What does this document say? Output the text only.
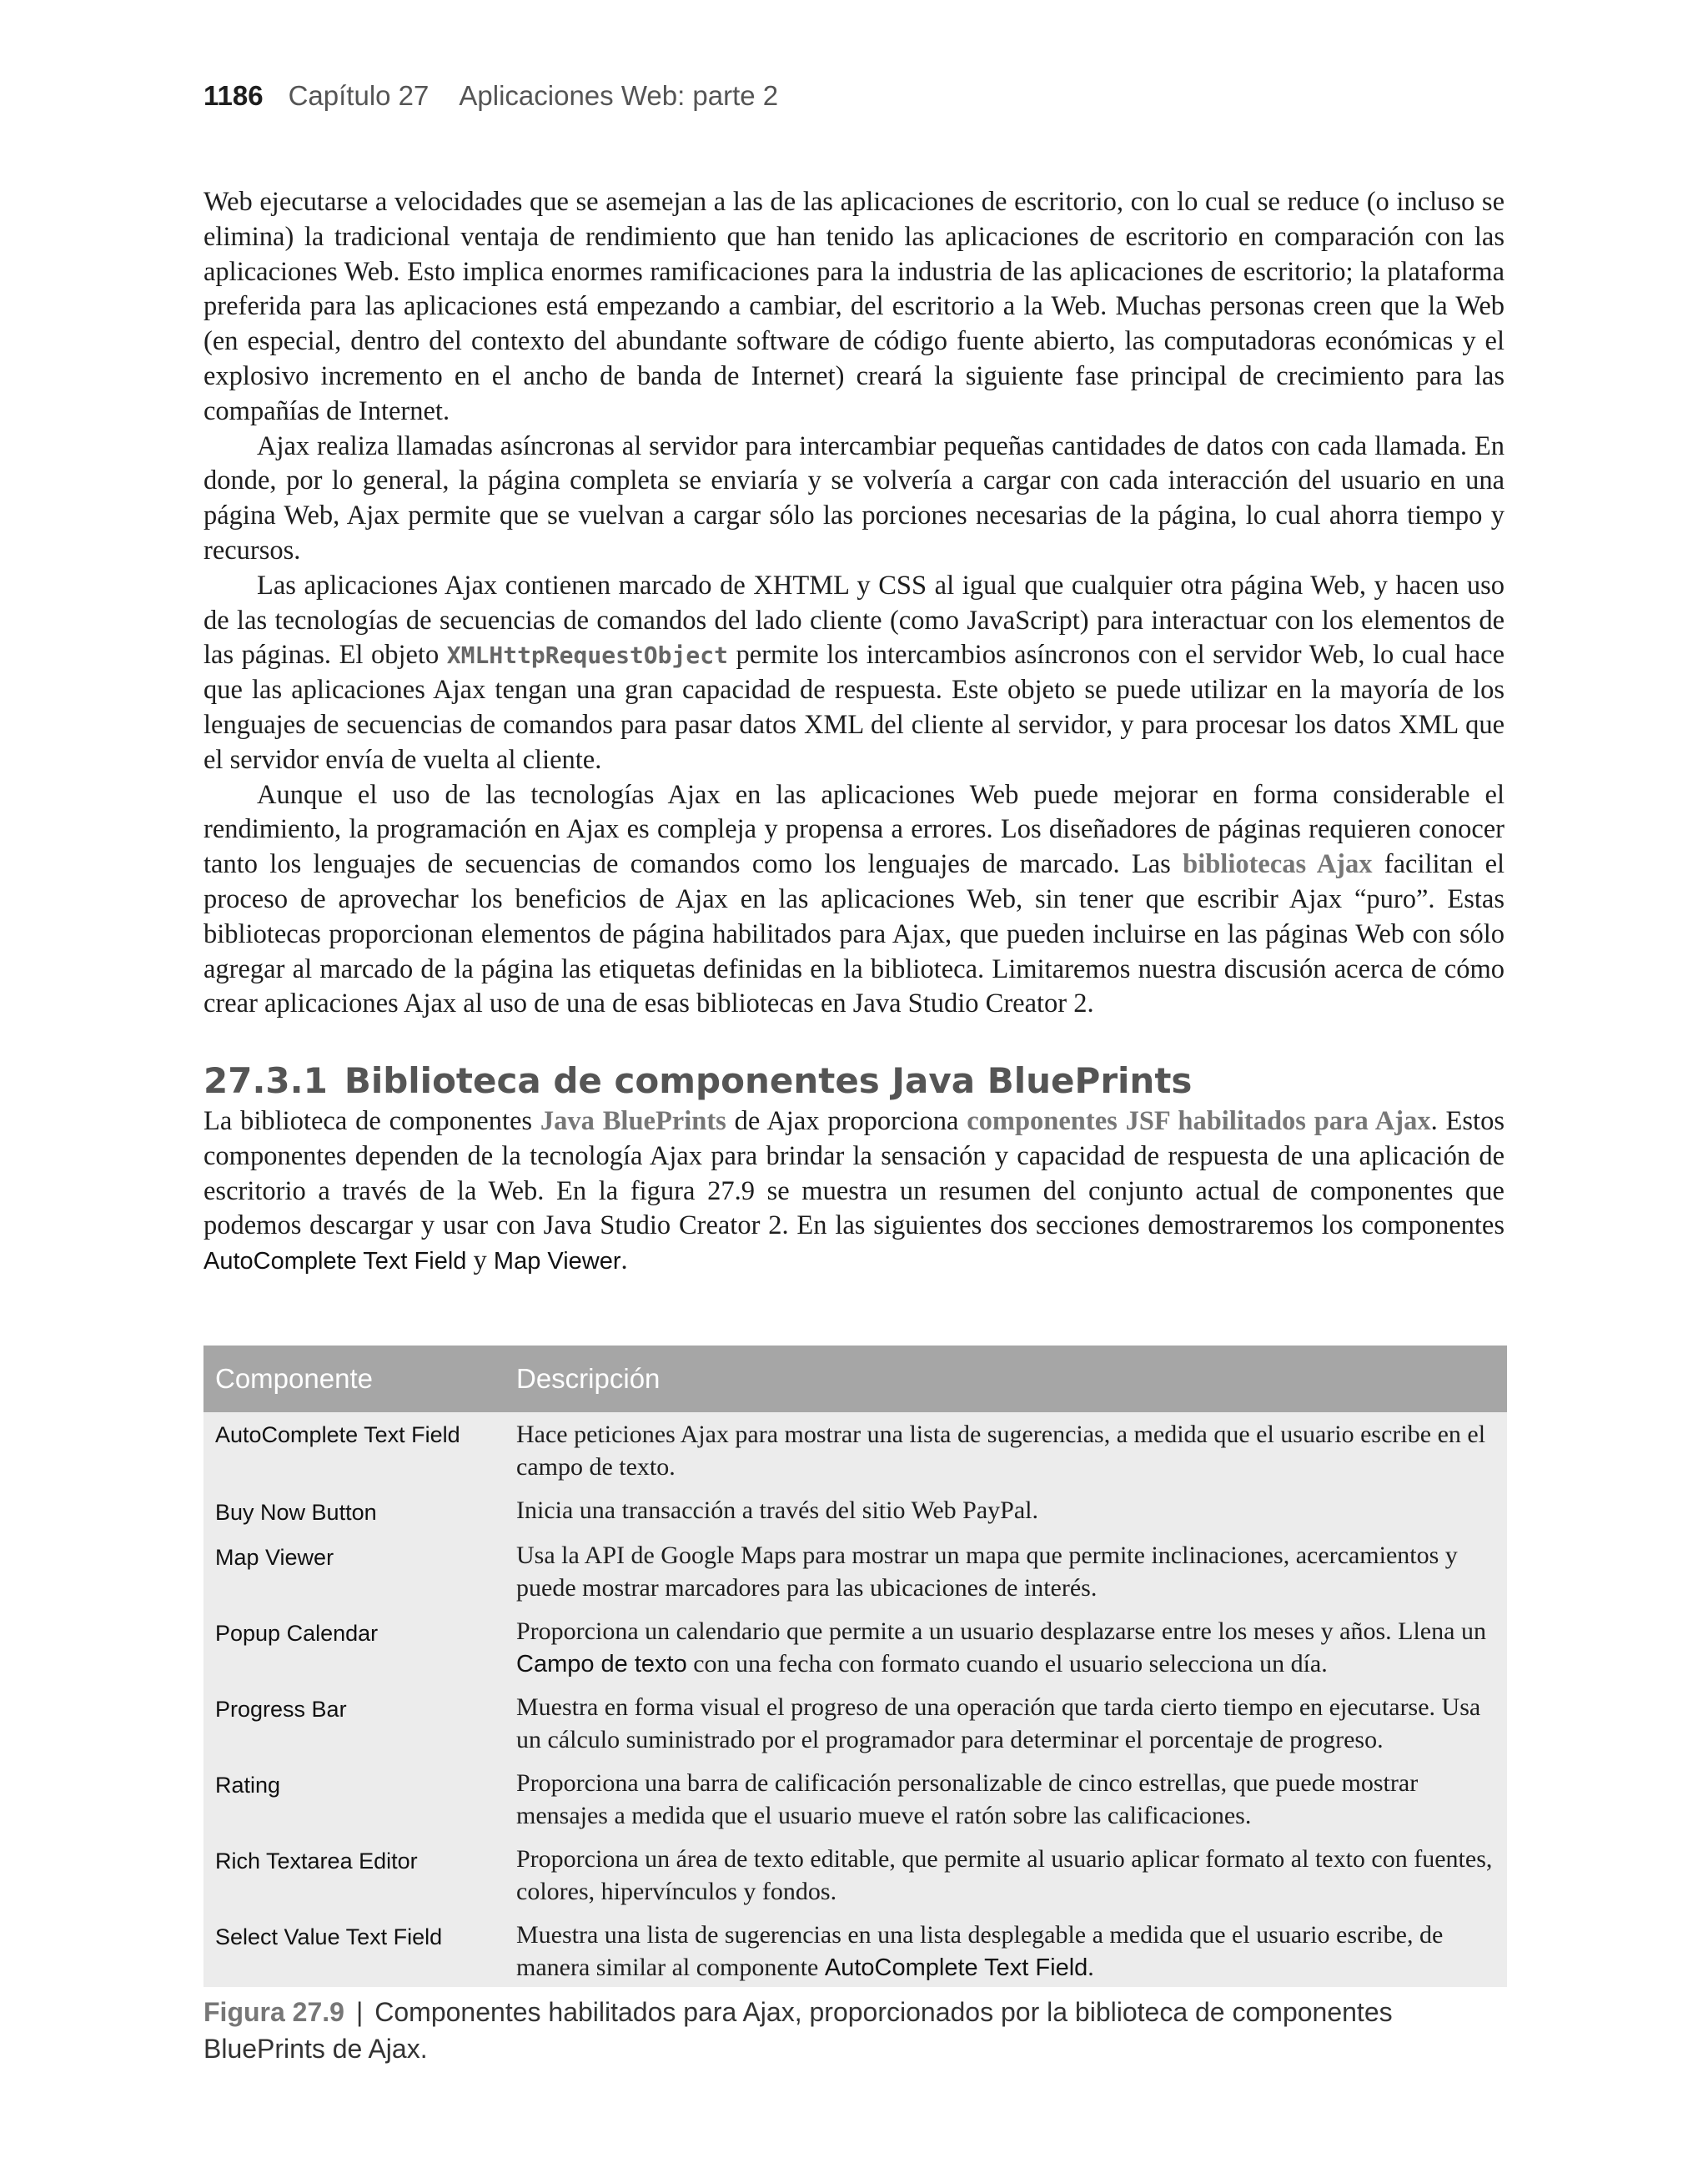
1186 Capítulo 27 Aplicaciones Web: parte 2

Web ejecutarse a velocidades que se asemejan a las de las aplicaciones de escritorio, con lo cual se reduce (o incluso se elimina) la tradicional ventaja de rendimiento que han tenido las aplicaciones de escritorio en comparación con las aplicaciones Web. Esto implica enormes ramificaciones para la industria de las aplicaciones de escritorio; la plataforma preferida para las aplicaciones está empezando a cambiar, del escritorio a la Web. Muchas personas creen que la Web (en especial, dentro del contexto del abundante software de código fuente abierto, las computadoras económicas y el explosivo incremento en el ancho de banda de Internet) creará la siguiente fase principal de crecimiento para las compañías de Internet.

Ajax realiza llamadas asíncronas al servidor para intercambiar pequeñas cantidades de datos con cada llamada. En donde, por lo general, la página completa se enviaría y se volvería a cargar con cada interacción del usuario en una página Web, Ajax permite que se vuelvan a cargar sólo las porciones necesarias de la página, lo cual ahorra tiempo y recursos.

Las aplicaciones Ajax contienen marcado de XHTML y CSS al igual que cualquier otra página Web, y hacen uso de las tecnologías de secuencias de comandos del lado cliente (como JavaScript) para interactuar con los elementos de las páginas. El objeto XMLHttpRequestObject permite los intercambios asíncronos con el servidor Web, lo cual hace que las aplicaciones Ajax tengan una gran capacidad de respuesta. Este objeto se puede utilizar en la mayoría de los lenguajes de secuencias de comandos para pasar datos XML del cliente al servidor, y para procesar los datos XML que el servidor envía de vuelta al cliente.

Aunque el uso de las tecnologías Ajax en las aplicaciones Web puede mejorar en forma considerable el rendimiento, la programación en Ajax es compleja y propensa a errores. Los diseñadores de páginas requieren conocer tanto los lenguajes de secuencias de comandos como los lenguajes de marcado. Las bibliotecas Ajax facilitan el proceso de aprovechar los beneficios de Ajax en las aplicaciones Web, sin tener que escribir Ajax “puro”. Estas bibliotecas proporcionan elementos de página habilitados para Ajax, que pueden incluirse en las páginas Web con sólo agregar al marcado de la página las etiquetas definidas en la biblioteca. Limitaremos nuestra discusión acerca de cómo crear aplicaciones Ajax al uso de una de esas bibliotecas en Java Studio Creator 2.

27.3.1 Biblioteca de componentes Java BluePrints

La biblioteca de componentes Java BluePrints de Ajax proporciona componentes JSF habilitados para Ajax. Estos componentes dependen de la tecnología Ajax para brindar la sensación y capacidad de respuesta de una aplicación de escritorio a través de la Web. En la figura 27.9 se muestra un resumen del conjunto actual de componentes que podemos descargar y usar con Java Studio Creator 2. En las siguientes dos secciones demostraremos los componentes AutoComplete Text Field y Map Viewer.

Componente	Descripción
AutoComplete Text Field	Hace peticiones Ajax para mostrar una lista de sugerencias, a medida que el usuario escribe en el campo de texto.
Buy Now Button	Inicia una transacción a través del sitio Web PayPal.
Map Viewer	Usa la API de Google Maps para mostrar un mapa que permite inclinaciones, acercamientos y puede mostrar marcadores para las ubicaciones de interés.
Popup Calendar	Proporciona un calendario que permite a un usuario desplazarse entre los meses y años. Llena un Campo de texto con una fecha con formato cuando el usuario selecciona un día.
Progress Bar	Muestra en forma visual el progreso de una operación que tarda cierto tiempo en ejecutarse. Usa un cálculo suministrado por el programador para determinar el porcentaje de progreso.
Rating	Proporciona una barra de calificación personalizable de cinco estrellas, que puede mostrar mensajes a medida que el usuario mueve el ratón sobre las calificaciones.
Rich Textarea Editor	Proporciona un área de texto editable, que permite al usuario aplicar formato al texto con fuentes, colores, hipervínculos y fondos.
Select Value Text Field	Muestra una lista de sugerencias en una lista desplegable a medida que el usuario escribe, de manera similar al componente AutoComplete Text Field.
Figura 27.9 | Componentes habilitados para Ajax, proporcionados por la biblioteca de componentes BluePrints de Ajax.
